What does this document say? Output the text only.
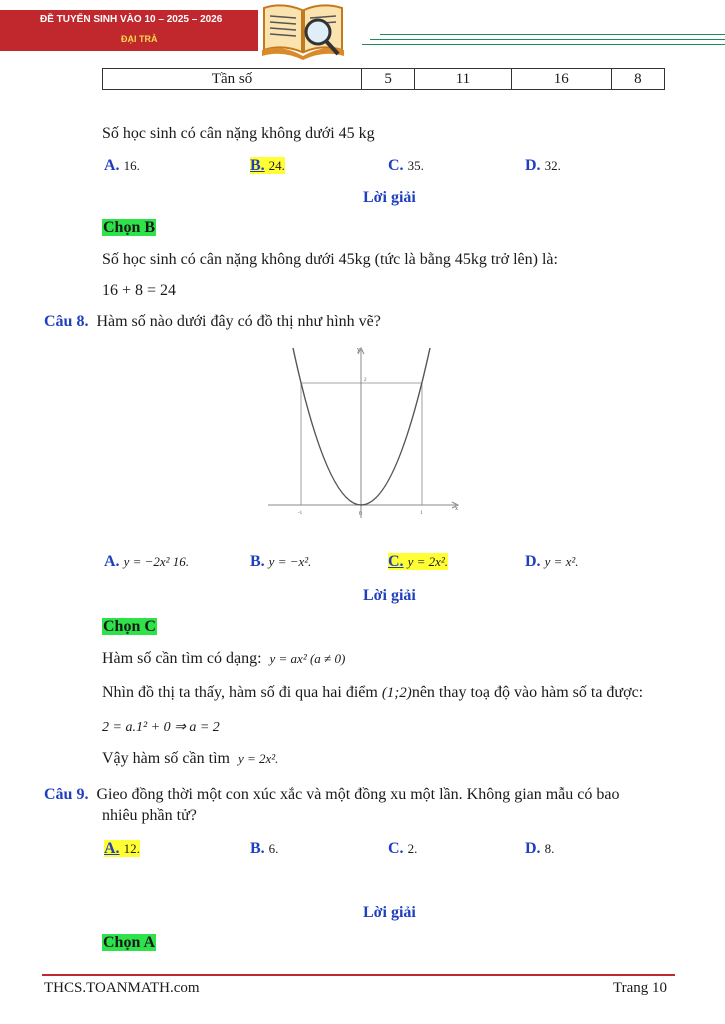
ĐỀ TUYỂN SINH VÀO 10 – 2025 – 2026
ĐẠI TRÀ
Tần số	5	11	16	8
Số học sinh có cân nặng không dưới 45 kg
A. 16.	B. 24.	C. 35.	D. 32.
Lời giải
Chọn B
Số học sinh có cân nặng không dưới 45kg (tức là bằng 45kg trở lên) là:
16 + 8 = 24
Câu 8. Hàm số nào dưới đây có đồ thị như hình vẽ?
y
x
0
-1	1
2
A. y = −2x² 16.	B. y = −x².	C. y = 2x².	D. y = x².
Lời giải
Chọn C
Hàm số cần tìm có dạng: y = ax² (a ≠ 0)
Nhìn đồ thị ta thấy, hàm số đi qua hai điểm (1;2)nên thay toạ độ vào hàm số ta được:
2 = a.1² + 0 ⇒ a = 2
Vậy hàm số cần tìm y = 2x².
Câu 9. Gieo đồng thời một con xúc xắc và một đồng xu một lần. Không gian mẫu có bao
nhiêu phần tử?
A. 12.	B. 6.	C. 2.	D. 8.
Lời giải
Chọn A
THCS.TOANMATH.com	Trang 10
